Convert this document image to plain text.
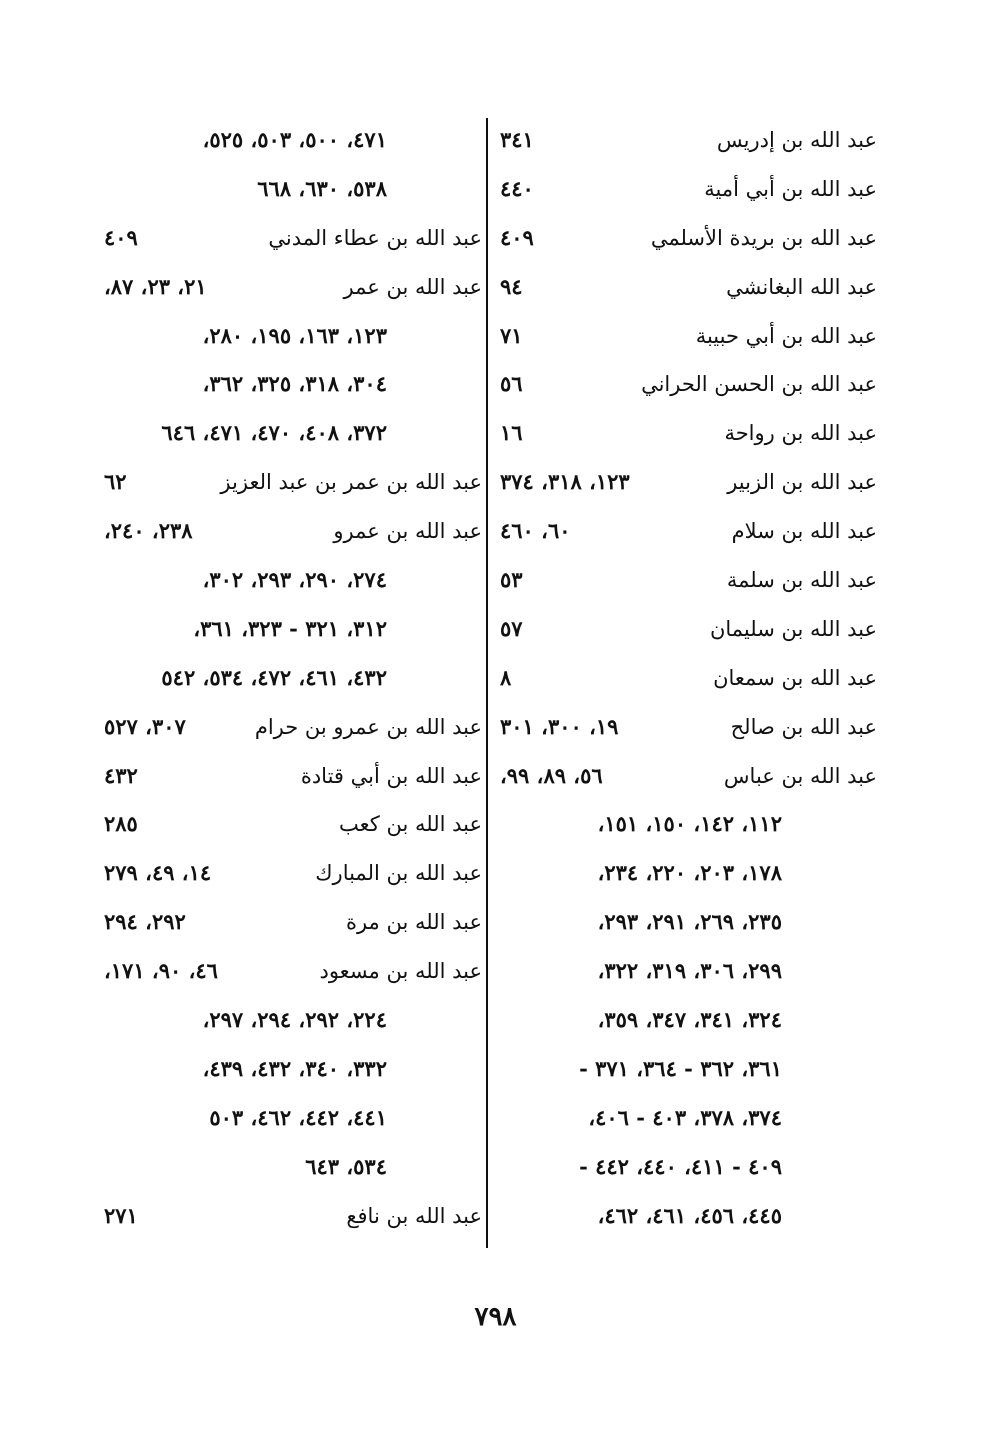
عبد الله بن إدريس
٣٤١
عبد الله بن أبي أمية
٤٤٠
عبد الله بن بريدة الأسلمي
٤٠٩
عبد الله البغانشي
٩٤
عبد الله بن أبي حبيبة
٧١
عبد الله بن الحسن الحراني
٥٦
عبد الله بن رواحة
١٦
عبد الله بن الزبير
١٢٣، ٣١٨، ٣٧٤
عبد الله بن سلام
٦٠، ٤٦٠
عبد الله بن سلمة
٥٣
عبد الله بن سليمان
٥٧
عبد الله بن سمعان
٨
عبد الله بن صالح
١٩، ٣٠٠، ٣٠١
عبد الله بن عباس
٥٦، ٨٩، ٩٩،
١١٢، ١٤٢، ١٥٠، ١٥١،
١٧٨، ٢٠٣، ٢٢٠، ٢٣٤،
٢٣٥، ٢٦٩، ٢٩١، ٢٩٣،
٢٩٩، ٣٠٦، ٣١٩، ٣٢٢،
٣٢٤، ٣٤١، ٣٤٧، ٣٥٩،
٣٦١، ٣٦٢ - ٣٦٤، ٣٧١ -
٣٧٤، ٣٧٨، ٤٠٣ - ٤٠٦،
٤٠٩ - ٤١١، ٤٤٠، ٤٤٢ -
٤٤٥، ٤٥٦، ٤٦١، ٤٦٢،
٤٧١، ٥٠٠، ٥٠٣، ٥٢٥،
٥٣٨، ٦٣٠، ٦٦٨
عبد الله بن عطاء المدني
٤٠٩
عبد الله بن عمر
٢١، ٢٣، ٨٧،
١٢٣، ١٦٣، ١٩٥، ٢٨٠،
٣٠٤، ٣١٨، ٣٢٥، ٣٦٢،
٣٧٢، ٤٠٨، ٤٧٠، ٤٧١، ٦٤٦
عبد الله بن عمر بن عبد العزيز
٦٢
عبد الله بن عمرو
٢٣٨، ٢٤٠،
٢٧٤، ٢٩٠، ٢٩٣، ٣٠٢،
٣١٢، ٣٢١ - ٣٢٣، ٣٦١،
٤٣٢، ٤٦١، ٤٧٢، ٥٣٤، ٥٤٢
عبد الله بن عمرو بن حرام
٣٠٧، ٥٢٧
عبد الله بن أبي قتادة
٤٣٢
عبد الله بن كعب
٢٨٥
عبد الله بن المبارك
١٤، ٤٩، ٢٧٩
عبد الله بن مرة
٢٩٢، ٢٩٤
عبد الله بن مسعود
٤٦، ٩٠، ١٧١،
٢٢٤، ٢٩٢، ٢٩٤، ٢٩٧،
٣٣٢، ٣٤٠، ٤٣٢، ٤٣٩،
٤٤١، ٤٤٢، ٤٦٢، ٥٠٣
٥٣٤، ٦٤٣
عبد الله بن نافع
٢٧١
٧٩٨
